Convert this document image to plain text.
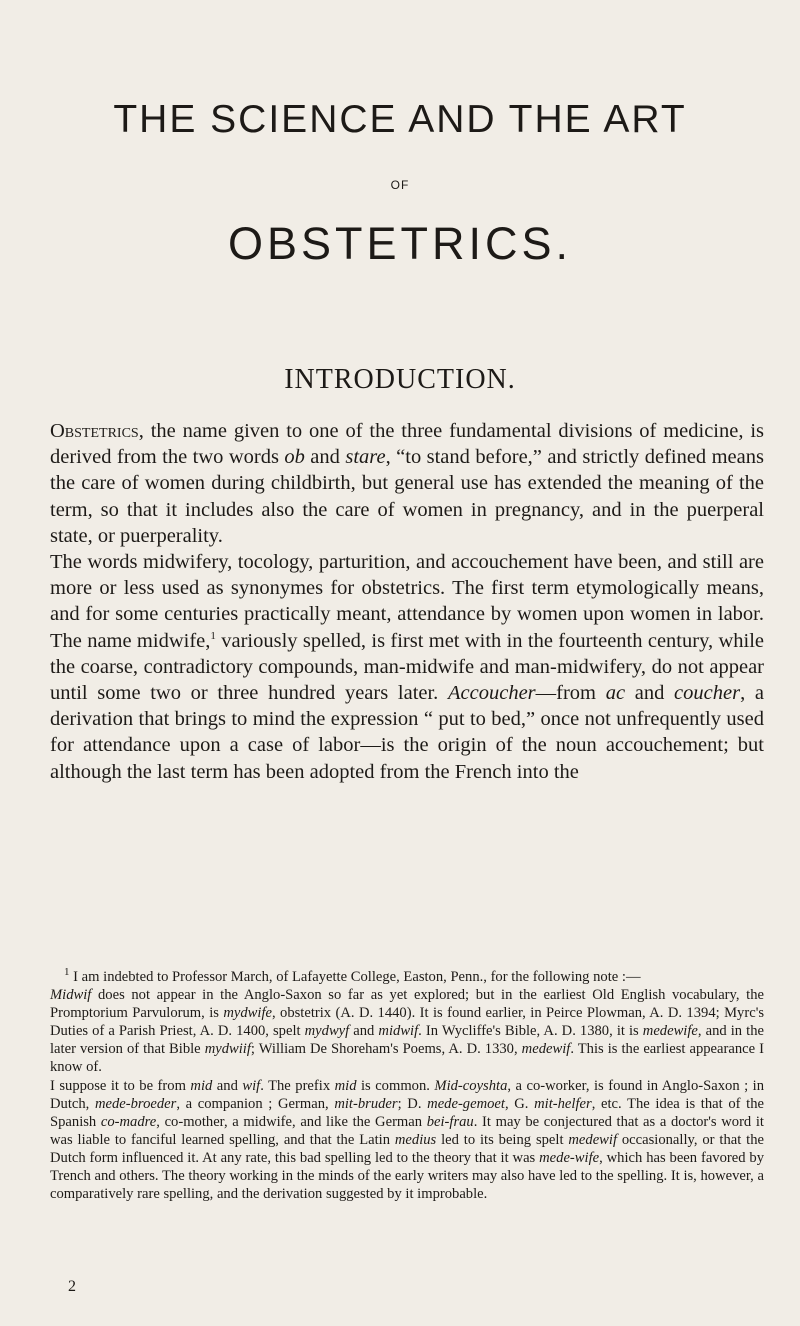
THE SCIENCE AND THE ART
OF
OBSTETRICS.
INTRODUCTION.

Obstetrics, the name given to one of the three fundamental divisions of medicine, is derived from the two words ob and stare, “to stand before,” and strictly defined means the care of women during childbirth, but general use has extended the meaning of the term, so that it includes also the care of women in pregnancy, and in the puerperal state, or puerperality.

The words midwifery, tocology, parturition, and accouchement have been, and still are more or less used as synonymes for obstetrics. The first term etymologically means, and for some centuries practically meant, attendance by women upon women in labor. The name midwife,$^1$ variously spelled, is first met with in the fourteenth century, while the coarse, contradictory compounds, man-midwife and man-midwifery, do not appear until some two or three hundred years later. Accoucher—from ac and coucher, a derivation that brings to mind the expression “ put to bed,” once not unfrequently used for attendance upon a case of labor—is the origin of the noun accouchement; but although the last term has been adopted from the French into the

$^1$ I am indebted to Professor March, of Lafayette College, Easton, Penn., for the following note :—

Midwif does not appear in the Anglo-Saxon so far as yet explored; but in the earliest Old English vocabulary, the Promptorium Parvulorum, is mydwife, obstetrix (A. D. 1440). It is found earlier, in Peirce Plowman, A. D. 1394; Myrc's Duties of a Parish Priest, A. D. 1400, spelt mydwyf and midwif. In Wycliffe's Bible, A. D. 1380, it is medewife, and in the later version of that Bible mydwiif; William De Shoreham's Poems, A. D. 1330, medewif. This is the earliest appearance I know of.

I suppose it to be from mid and wif. The prefix mid is common. Mid-coyshta, a co-worker, is found in Anglo-Saxon ; in Dutch, mede-broeder, a companion ; German, mit-bruder; D. mede-gemoet, G. mit-helfer, etc. The idea is that of the Spanish co-madre, co-mother, a midwife, and like the German bei-frau. It may be conjectured that as a doctor's word it was liable to fanciful learned spelling, and that the Latin medius led to its being spelt medewif occasionally, or that the Dutch form influenced it. At any rate, this bad spelling led to the theory that it was mede-wife, which has been favored by Trench and others. The theory working in the minds of the early writers may also have led to the spelling. It is, however, a comparatively rare spelling, and the derivation suggested by it improbable.

2
